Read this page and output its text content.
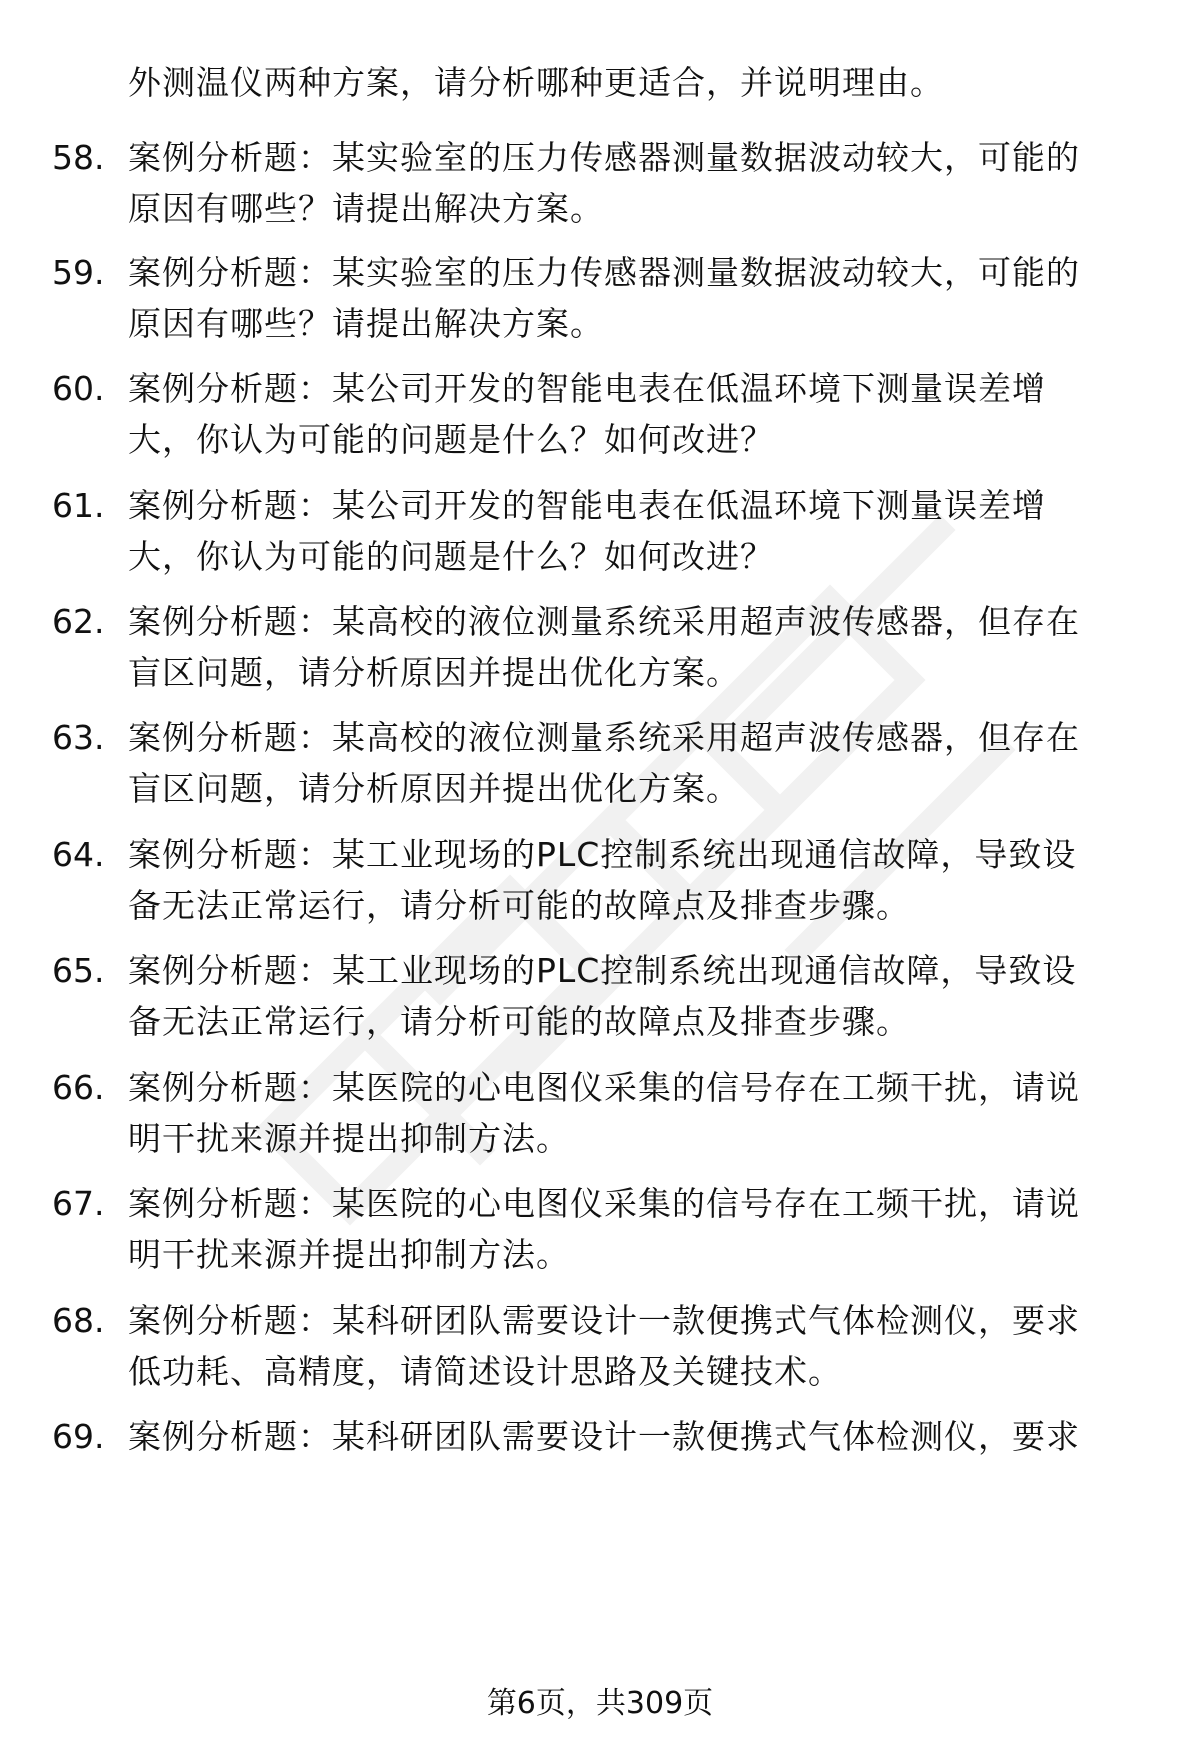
外测温仪两种方案，请分析哪种更适合，并说明理由。
58. 案例分析题：某实验室的压力传感器测量数据波动较大，可能的
原因有哪些？请提出解决方案。
59. 案例分析题：某实验室的压力传感器测量数据波动较大，可能的
原因有哪些？请提出解决方案。
60. 案例分析题：某公司开发的智能电表在低温环境下测量误差增
大，你认为可能的问题是什么？如何改进？
61. 案例分析题：某公司开发的智能电表在低温环境下测量误差增
大，你认为可能的问题是什么？如何改进？
62. 案例分析题：某高校的液位测量系统采用超声波传感器，但存在
盲区问题，请分析原因并提出优化方案。
63. 案例分析题：某高校的液位测量系统采用超声波传感器，但存在
盲区问题，请分析原因并提出优化方案。
64. 案例分析题：某工业现场的PLC控制系统出现通信故障，导致设
备无法正常运行，请分析可能的故障点及排查步骤。
65. 案例分析题：某工业现场的PLC控制系统出现通信故障，导致设
备无法正常运行，请分析可能的故障点及排查步骤。
66. 案例分析题：某医院的心电图仪采集的信号存在工频干扰，请说
明干扰来源并提出抑制方法。
67. 案例分析题：某医院的心电图仪采集的信号存在工频干扰，请说
明干扰来源并提出抑制方法。
68. 案例分析题：某科研团队需要设计一款便携式气体检测仪，要求
低功耗、高精度，请简述设计思路及关键技术。
69. 案例分析题：某科研团队需要设计一款便携式气体检测仪，要求
第6页，共309页
